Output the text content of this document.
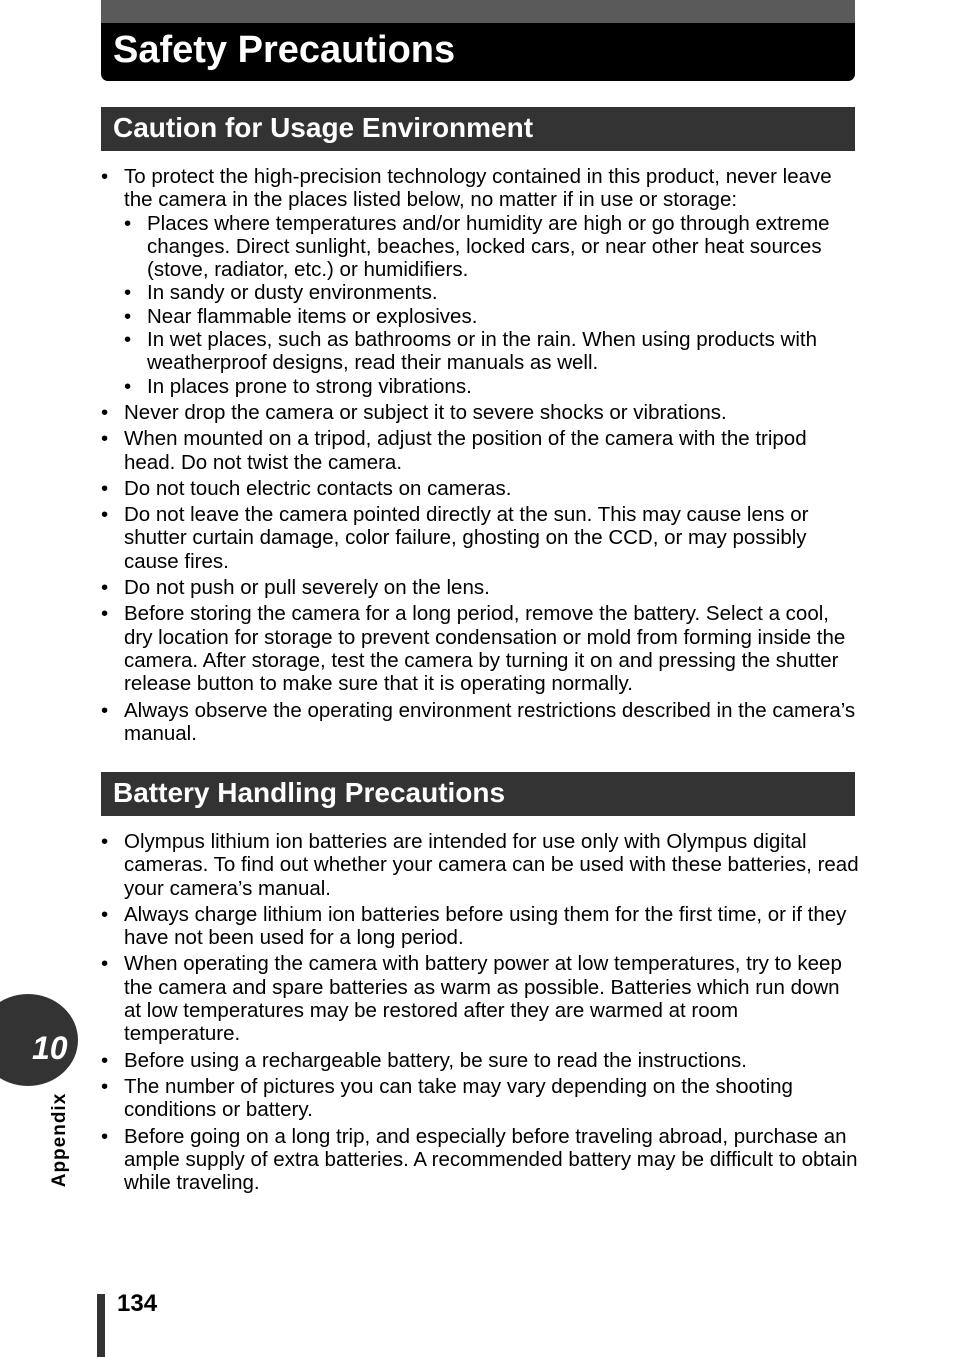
Safety Precautions
Caution for Usage Environment
• To protect the high-precision technology contained in this product, never leave the camera in the places listed below, no matter if in use or storage:
• Places where temperatures and/or humidity are high or go through extreme changes. Direct sunlight, beaches, locked cars, or near other heat sources (stove, radiator, etc.) or humidifiers.
• In sandy or dusty environments.
• Near flammable items or explosives.
• In wet places, such as bathrooms or in the rain. When using products with weatherproof designs, read their manuals as well.
• In places prone to strong vibrations.
• Never drop the camera or subject it to severe shocks or vibrations.
• When mounted on a tripod, adjust the position of the camera with the tripod head. Do not twist the camera.
• Do not touch electric contacts on cameras.
• Do not leave the camera pointed directly at the sun. This may cause lens or shutter curtain damage, color failure, ghosting on the CCD, or may possibly cause fires.
• Do not push or pull severely on the lens.
• Before storing the camera for a long period, remove the battery. Select a cool, dry location for storage to prevent condensation or mold from forming inside the camera. After storage, test the camera by turning it on and pressing the shutter release button to make sure that it is operating normally.
• Always observe the operating environment restrictions described in the camera’s manual.
Battery Handling Precautions
• Olympus lithium ion batteries are intended for use only with Olympus digital cameras. To find out whether your camera can be used with these batteries, read your camera’s manual.
• Always charge lithium ion batteries before using them for the first time, or if they have not been used for a long period.
• When operating the camera with battery power at low temperatures, try to keep the camera and spare batteries as warm as possible. Batteries which run down at low temperatures may be restored after they are warmed at room temperature.
• Before using a rechargeable battery, be sure to read the instructions.
• The number of pictures you can take may vary depending on the shooting conditions or battery.
• Before going on a long trip, and especially before traveling abroad, purchase an ample supply of extra batteries. A recommended battery may be difficult to obtain while traveling.
10
Appendix
134
